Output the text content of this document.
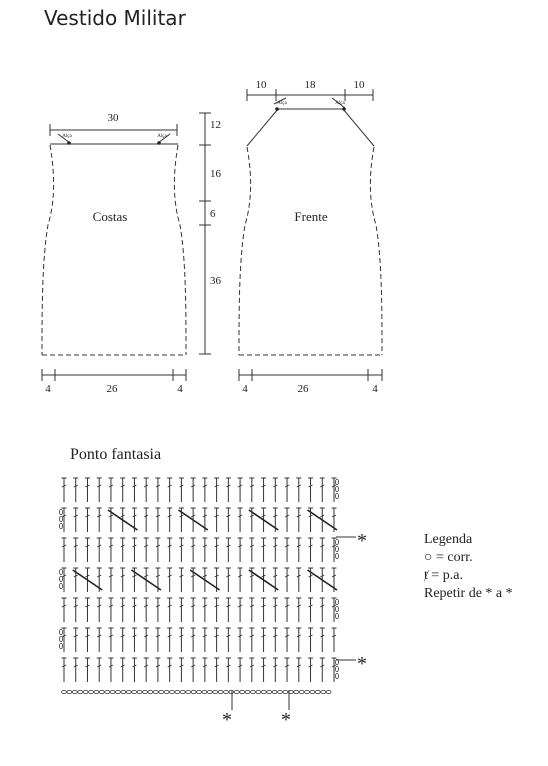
Vestido Militar
30
Alça	Alça
Costas
4	26	4
12
16
6
36
10	18	10
Alça	Alça
Frente
4	26	4
Ponto fantasia
*
*
* *
Legenda
○ = corr.
ⱦ = p.a.
Repetir de * a *
